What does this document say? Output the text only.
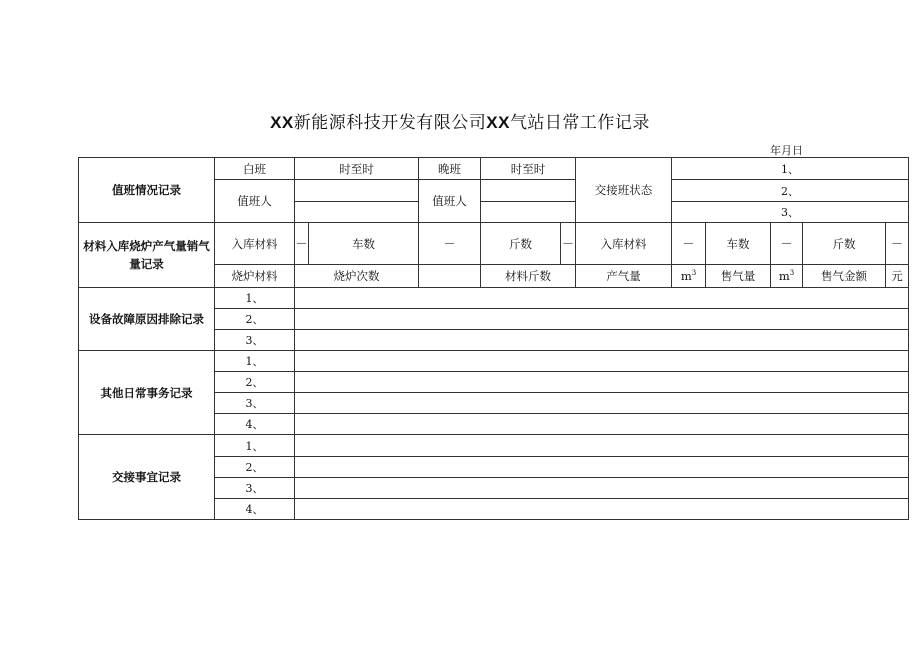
XX新能源科技开发有限公司XX气站日常工作记录
年月日
值班情况记录	白班	时至时		晚班	时至时		交接班状态	1、				
	值班人			值班人				2、				
								3、				
材料入库烧炉产气量销气量记录	入库材料	—	车数	—	斤数	—	入库材料	—	车数	—	斤数	—
	烧炉材料	烧炉次数			材料斤数		产气量	$m^3$	售气量	$m^3$	售气金额	元
设备故障原因排除记录	1、											
	2、											
	3、											
其他日常事务记录	1、											
	2、											
	3、											
	4、											
交接事宜记录	1、											
	2、											
	3、											
	4、											
